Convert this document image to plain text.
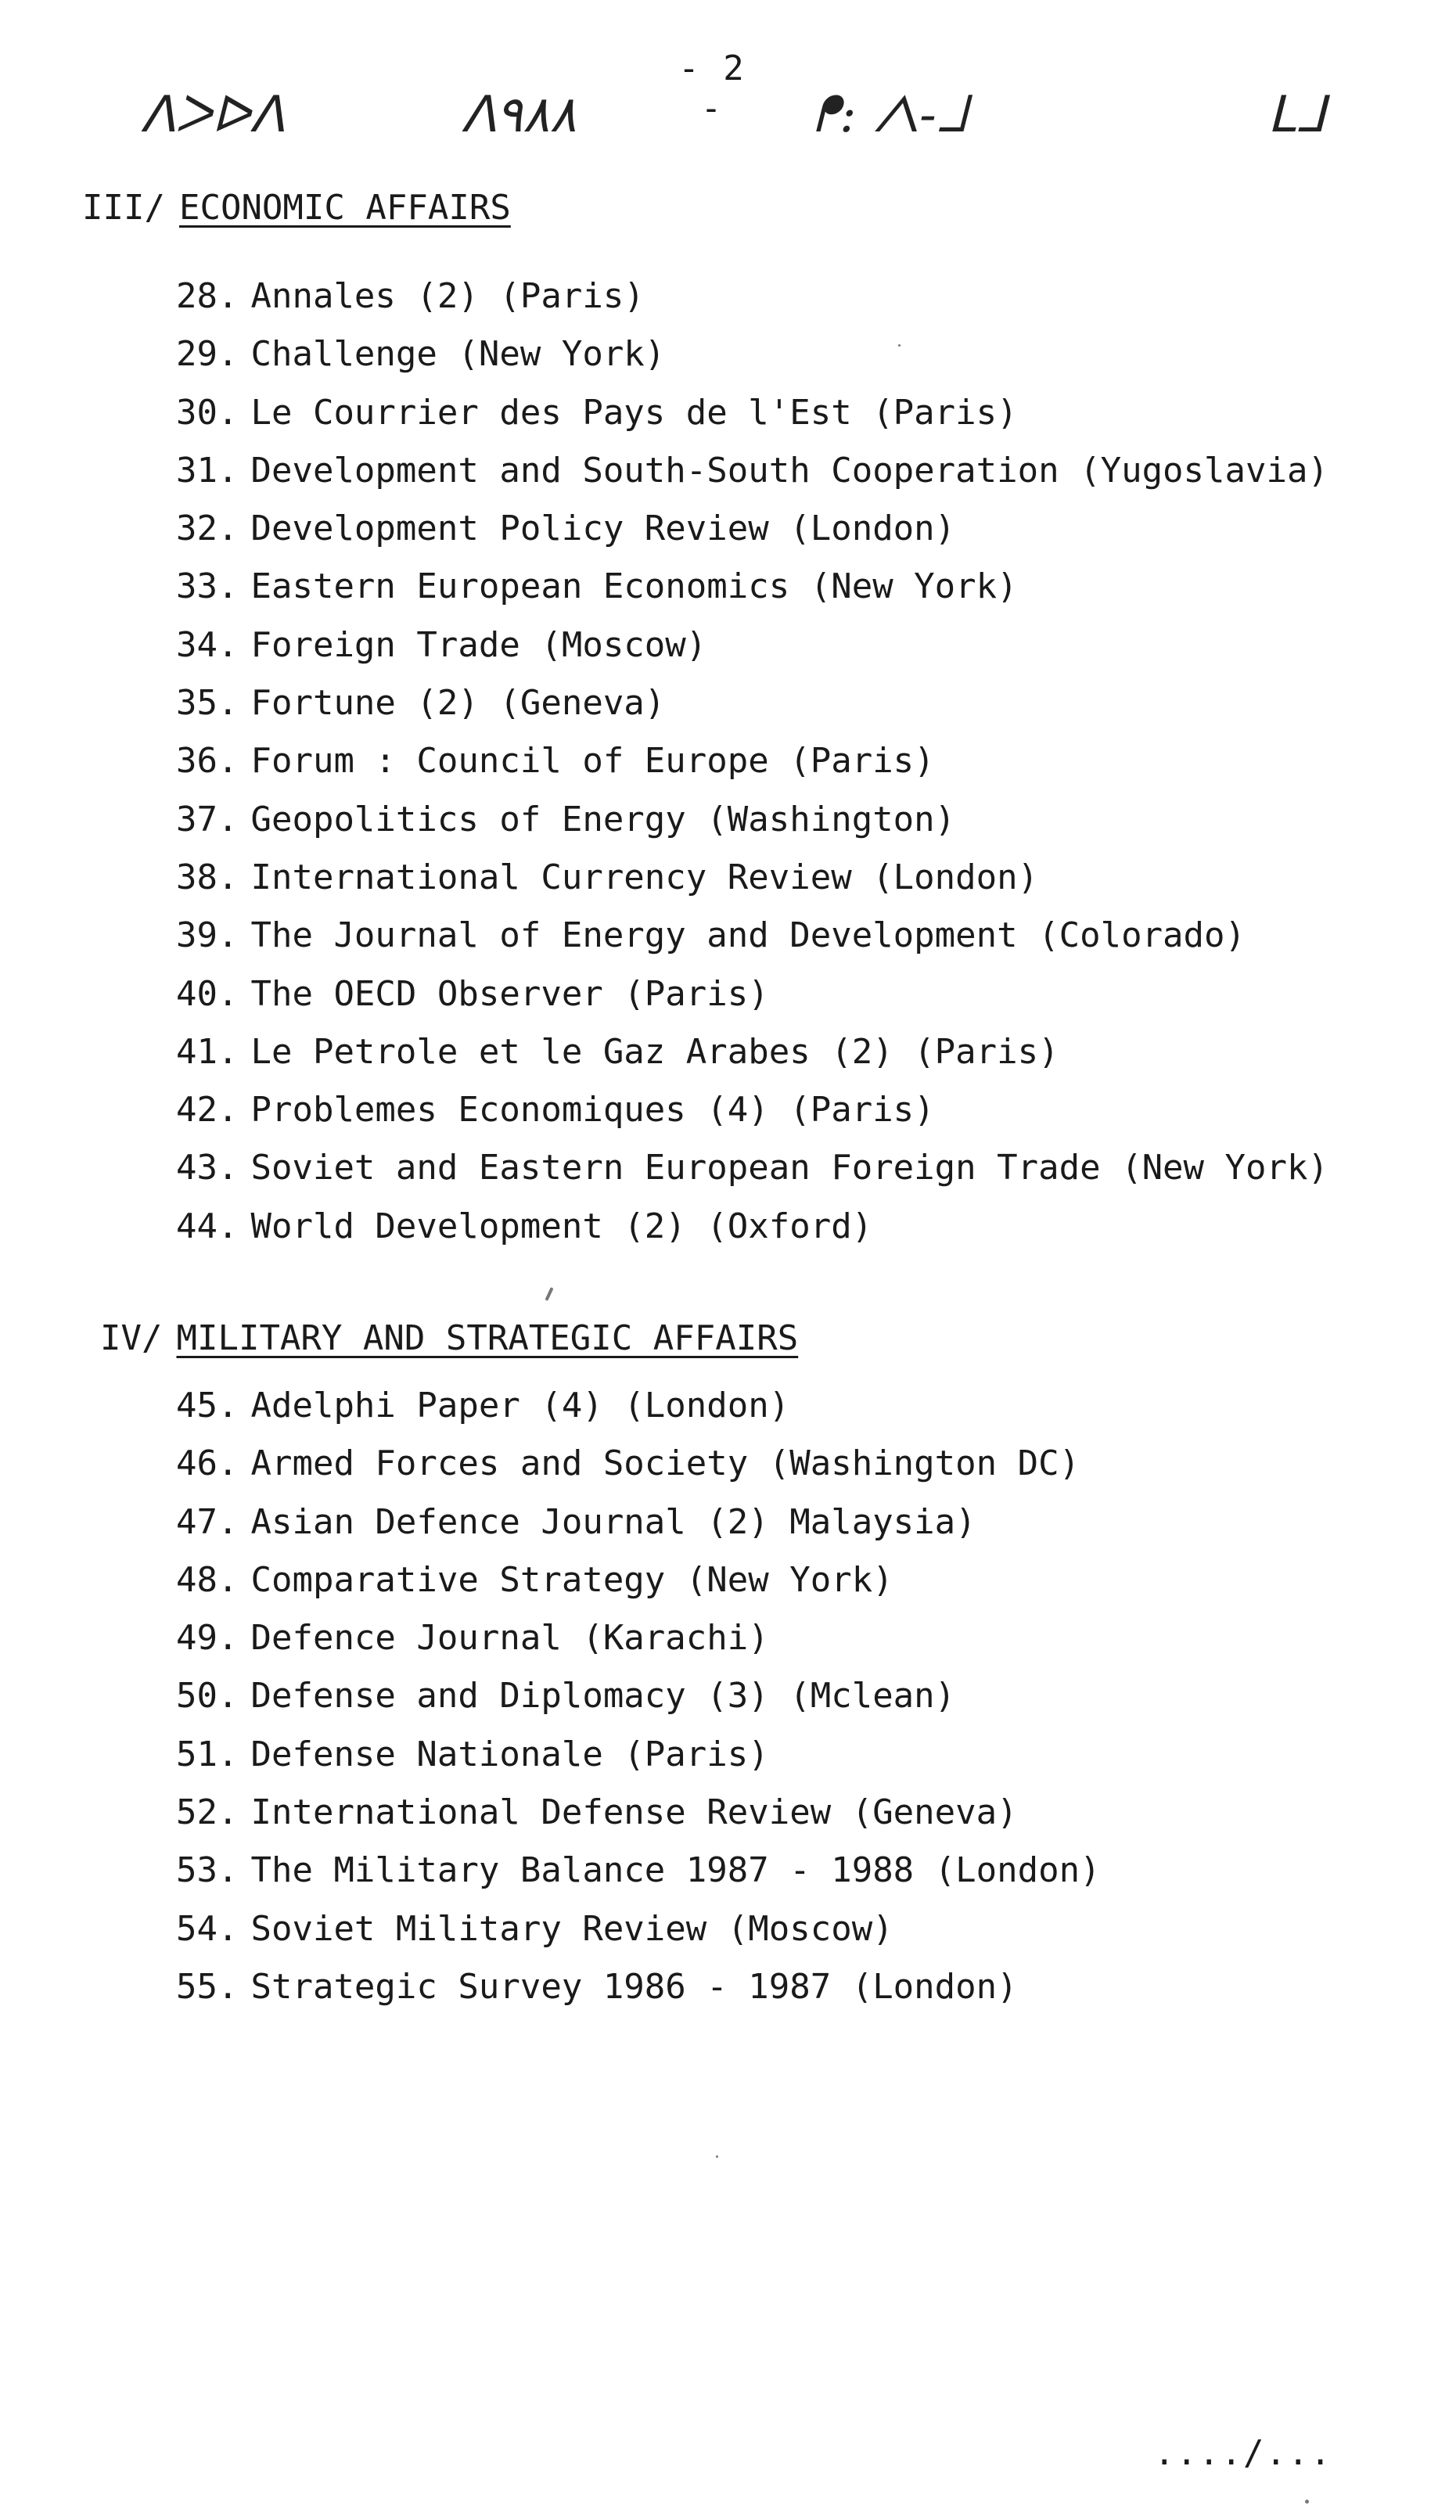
- 2 -
ᐱᐳᐅᐱ	ᐱ٩٨٨	ᖰ: ᐱ-ᒧ	ᒪᒧ
III/ ECONOMIC AFFAIRS
28. Annales (2) (Paris)
29. Challenge (New York)
30. Le Courrier des Pays de l'Est (Paris)
31. Development and South-South Cooperation (Yugoslavia)
32. Development Policy Review (London)
33. Eastern European Economics (New York)
34. Foreign Trade (Moscow)
35. Fortune (2) (Geneva)
36. Forum : Council of Europe (Paris)
37. Geopolitics of Energy (Washington)
38. International Currency Review (London)
39. The Journal of Energy and Development (Colorado)
40. The OECD Observer (Paris)
41. Le Petrole et le Gaz Arabes (2) (Paris)
42. Problemes Economiques (4) (Paris)
43. Soviet and Eastern European Foreign Trade (New York)
44. World Development (2) (Oxford)
IV/ MILITARY AND STRATEGIC AFFAIRS
45. Adelphi Paper (4) (London)
46. Armed Forces and Society (Washington DC)
47. Asian Defence Journal (2) Malaysia)
48. Comparative Strategy (New York)
49. Defence Journal (Karachi)
50. Defense and Diplomacy (3) (Mclean)
51. Defense Nationale (Paris)
52. International Defense Review (Geneva)
53. The Military Balance 1987 - 1988 (London)
54. Soviet Military Review (Moscow)
55. Strategic Survey 1986 - 1987 (London)
..../...
